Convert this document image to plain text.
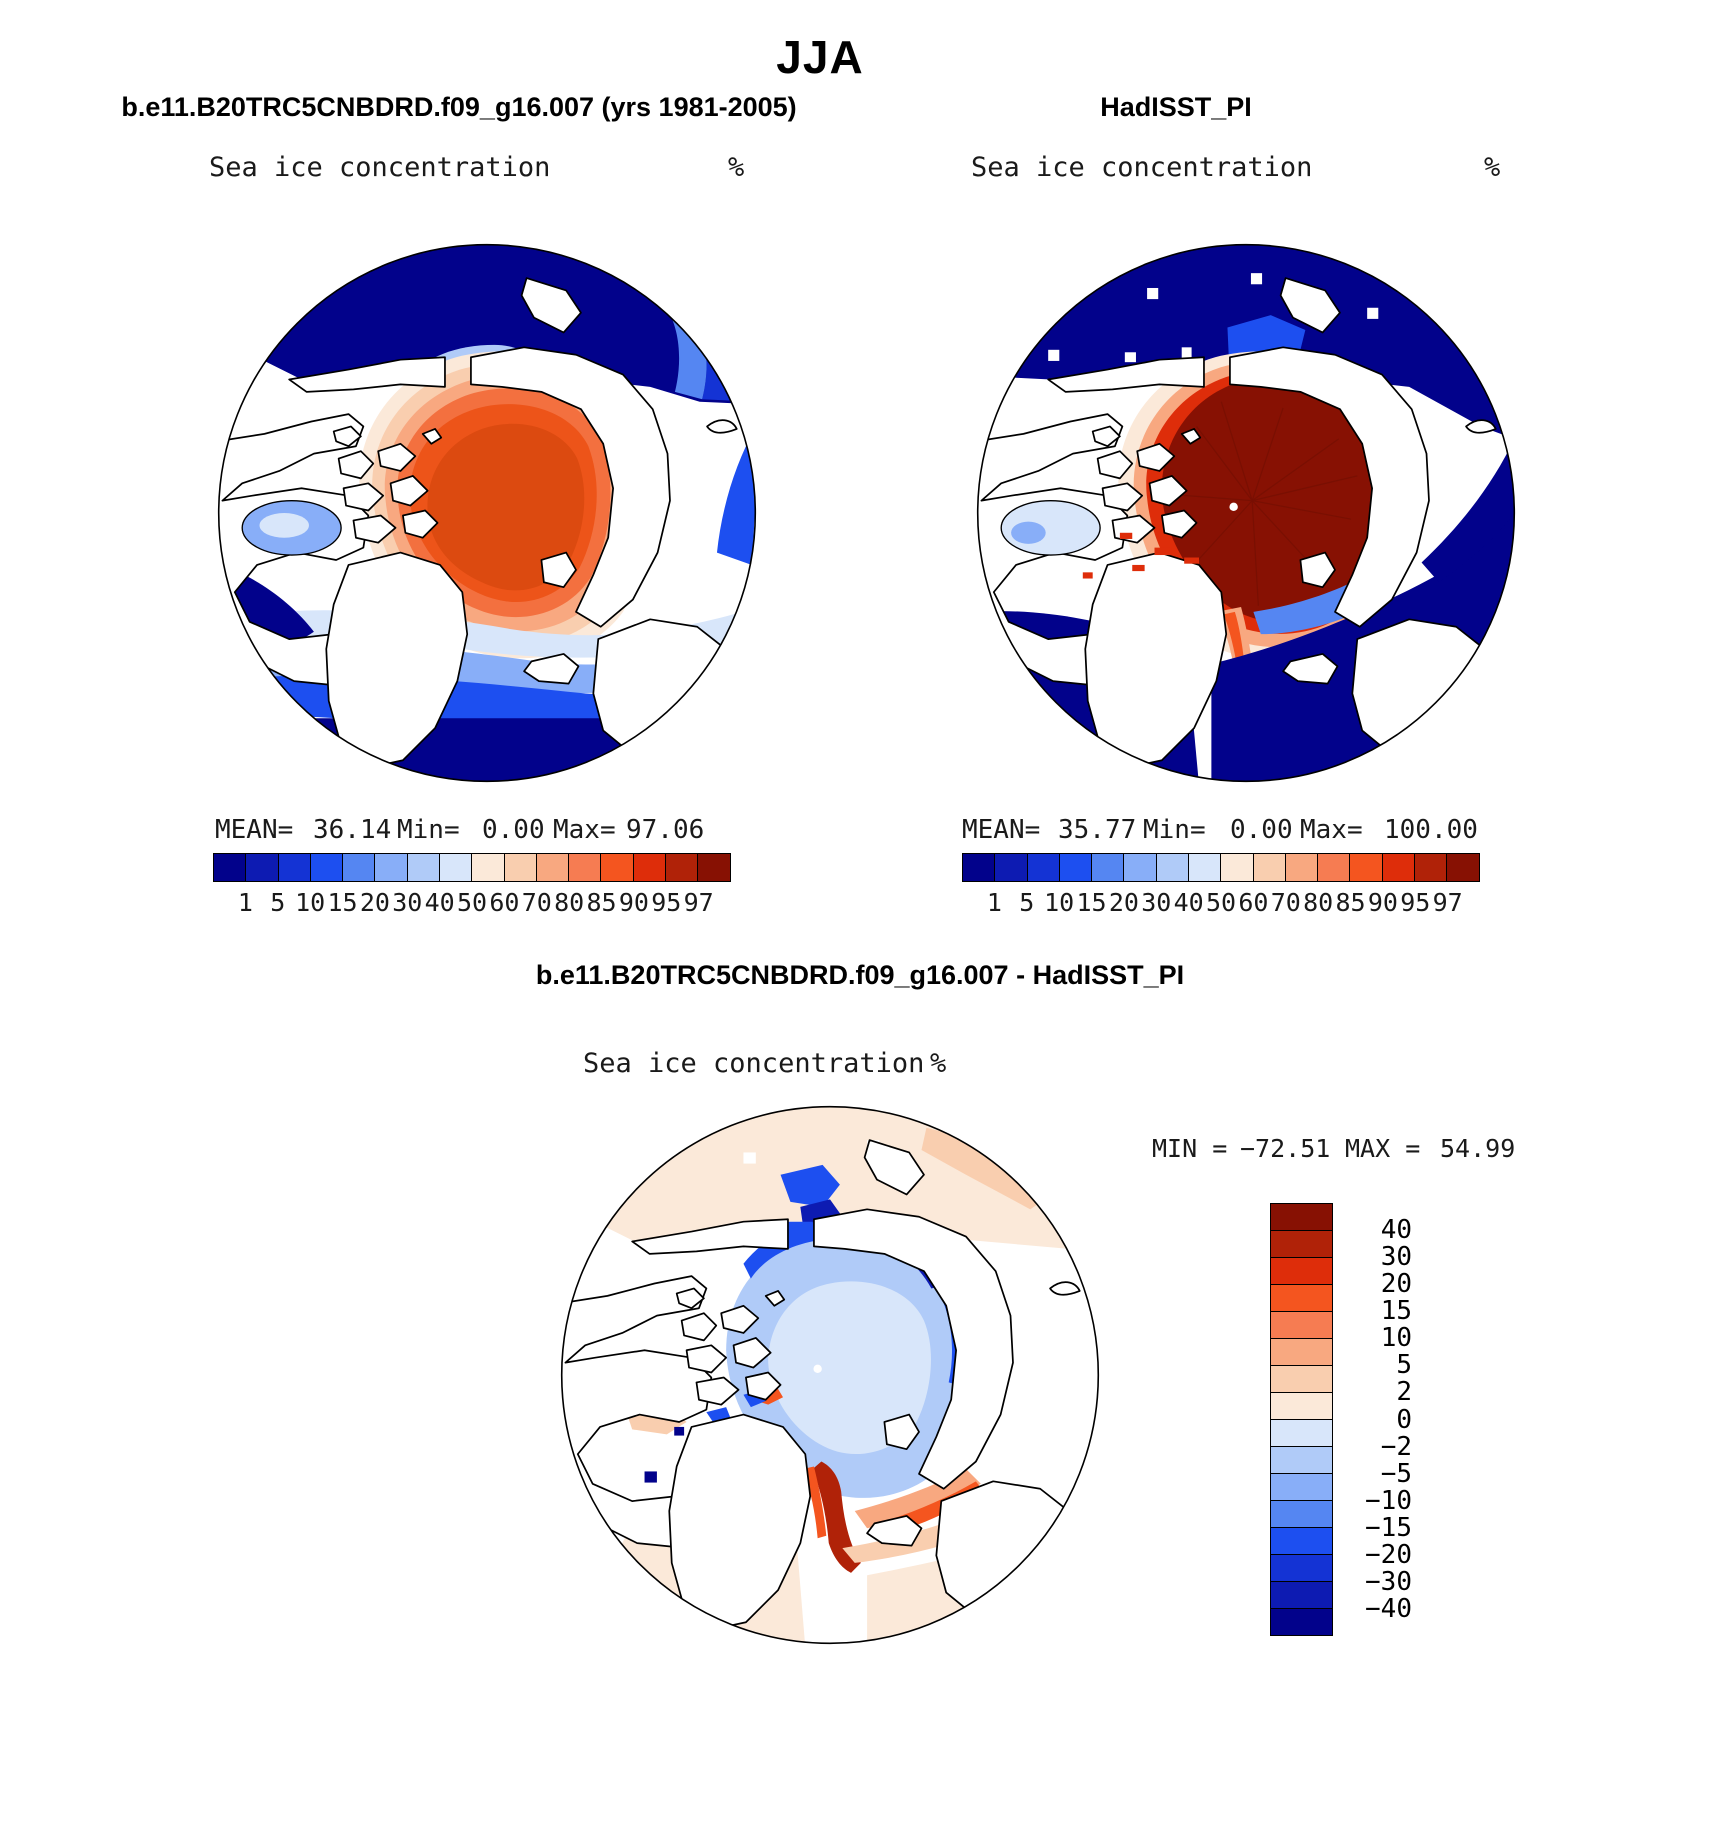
JJA
b.e11.B20TRC5CNBDRD.f09_g16.007 (yrs 1981-2005)	HadISST_PI
Sea ice concentration	%	Sea ice concentration	%
MEAN= 36.14 Min= 0.00 Max= 97.06
1 5 10 15 20 30 40 50 60 70 80 85 90 95 97
MEAN= 35.77 Min= 0.00 Max= 100.00
1 5 10 15 20 30 40 50 60 70 80 85 90 95 97
b.e11.B20TRC5CNBDRD.f09_g16.007 - HadISST_PI
Sea ice concentration %
MIN = −72.51 MAX = 54.99
40
30
20
15
10
5
2
0
−2
−5
−10
−15
−20
−30
−40
